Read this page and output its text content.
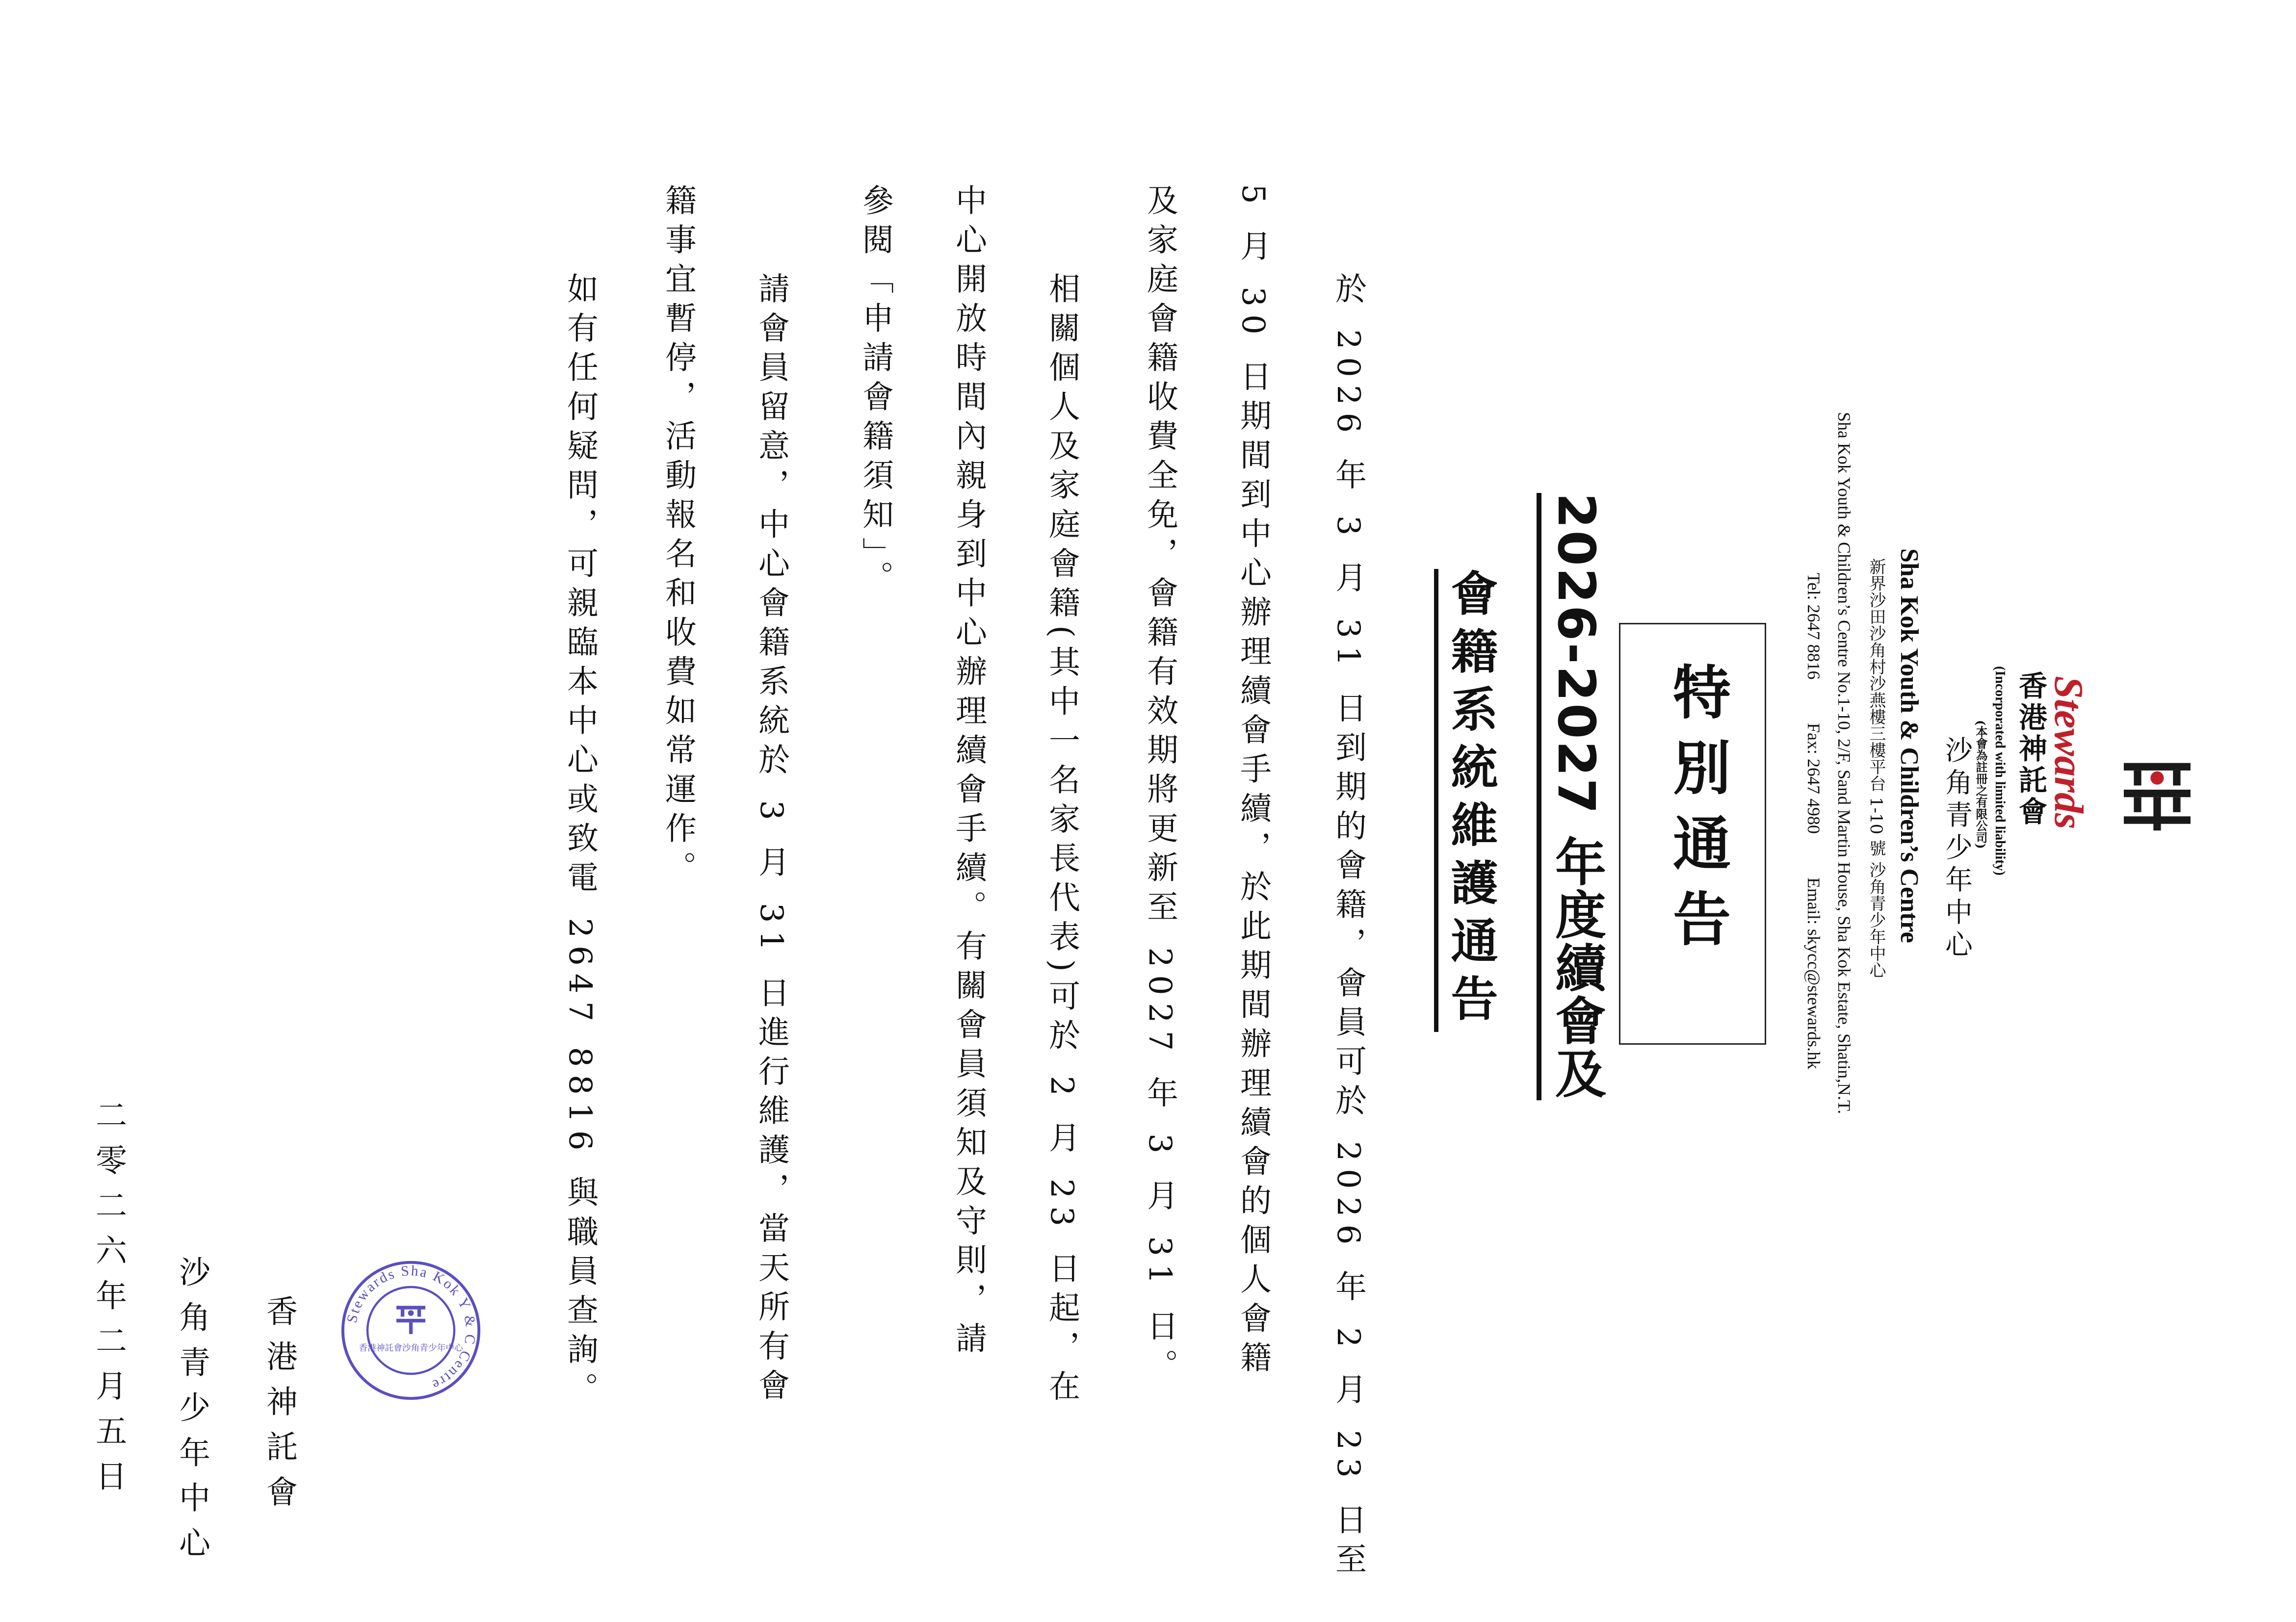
Stewards
香港神託會
(Incorporated with limited liability)
(本會為註冊之有限公司)
沙角青少年中心
Sha Kok Youth & Children’s Centre
新界沙田沙角村沙燕樓三樓平台 1-10 號 沙角青少年中心
Sha Kok Youth & Children’s Centre No.1-10, 2/F, Sand Martin House, Sha Kok Estate, Shatin,N.T.
Tel: 2647 8816 Fax: 2647 4980 Email: skycc@stewards.hk
特別通告
2026-2027 年度續會及
會籍系統維護通告
於 2026 年 3 月 31 日到期的會籍，會員可於 2026 年 2 月 23 日至
5 月 30 日期間到中心辦理續會手續，於此期間辦理續會的個人會籍
及家庭會籍收費全免，會籍有效期將更新至 2027 年 3 月 31 日。
相關個人及家庭會籍(其中一名家長代表)可於 2 月 23 日起，在
中心開放時間內親身到中心辦理續會手續。有關會員須知及守則，請
參閱「申請會籍須知」。
請會員留意，中心會籍系統於 3 月 31 日進行維護，當天所有會
籍事宜暫停，活動報名和收費如常運作。
如有任何疑問，可親臨本中心或致電 2647 8816 與職員查詢。
香港神託會
沙角青少年中心
二零二六年二月五日	Stewards Sha Kok Y & C Centre
香港神託會沙角青少年中心
